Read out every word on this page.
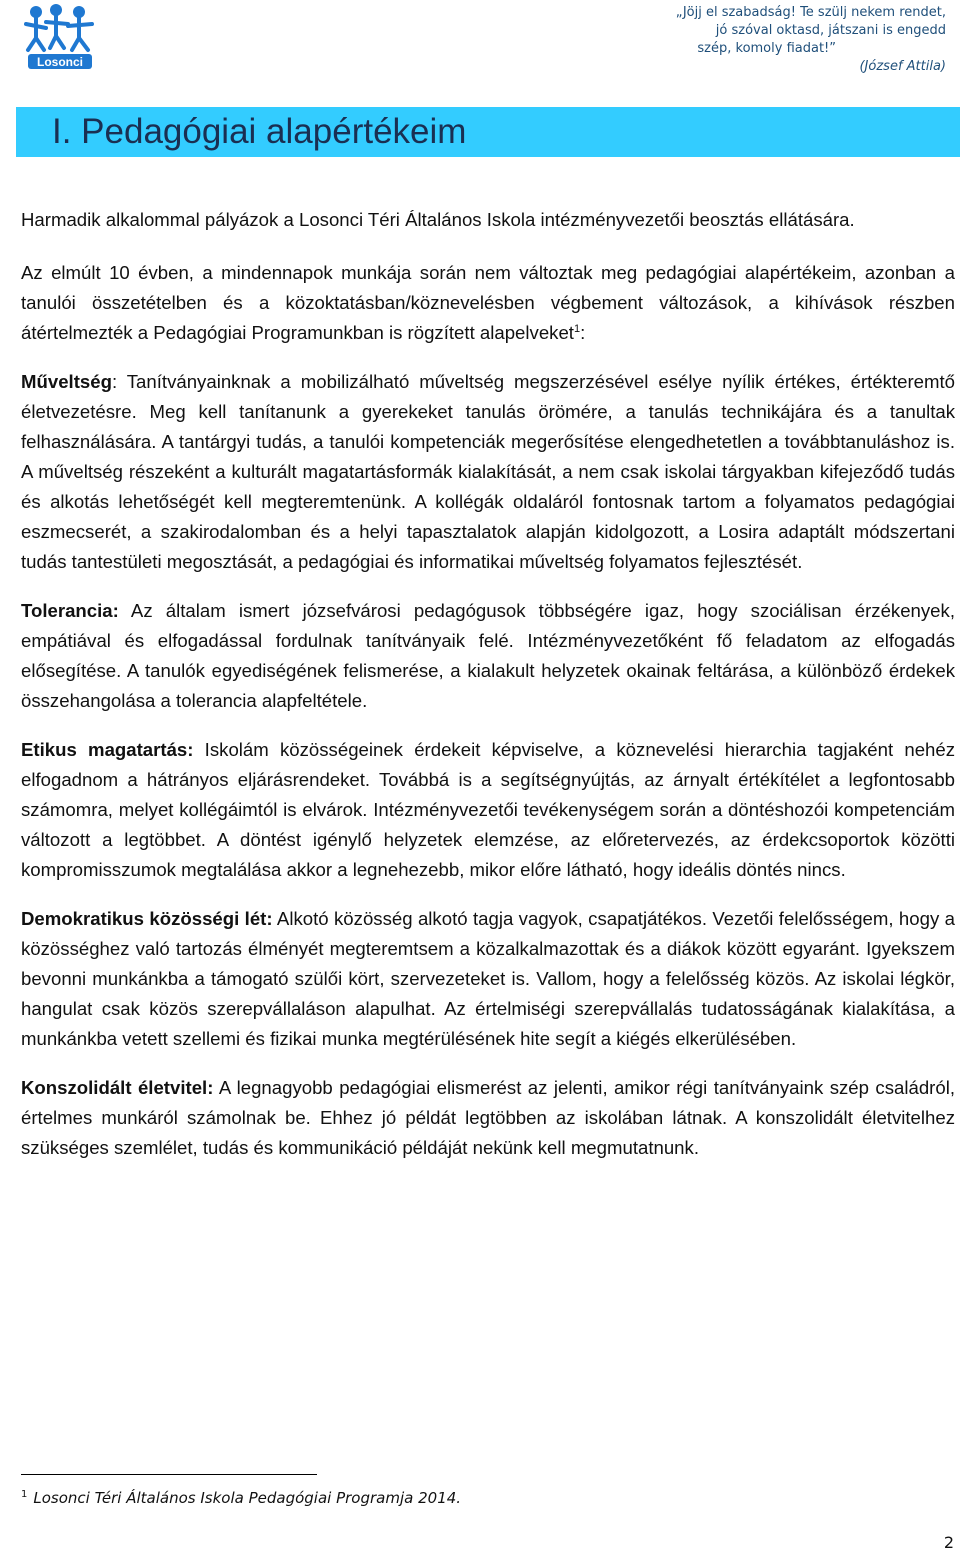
Losonci
„Jöjj el szabadság! Te szülj nekem rendet,
jó szóval oktasd, játszani is engedd
szép, komoly fiadat!”
(József Attila)
I. Pedagógiai alapértékeim

Harmadik alkalommal pályázok a Losonci Téri Általános Iskola intézményvezetői beosztás ellátására.

Az elmúlt 10 évben, a mindennapok munkája során nem változtak meg pedagógiai alapértékeim, azonban a tanulói összetételben és a közoktatásban/köznevelésben végbement változások, a kihívások részben átértelmezték a Pedagógiai Programunkban is rögzített alapelveket$^1$:

Műveltség: Tanítványainknak a mobilizálható műveltség megszerzésével esélye nyílik értékes, értékteremtő életvezetésre. Meg kell tanítanunk a gyerekeket tanulás örömére, a tanulás technikájára és a tanultak felhasználására. A tantárgyi tudás, a tanulói kompetenciák megerősítése elengedhetetlen a továbbtanuláshoz is. A műveltség részeként a kulturált magatartásformák kialakítását, a nem csak iskolai tárgyakban kifejeződő tudás és alkotás lehetőségét kell megteremtenünk. A kollégák oldaláról fontosnak tartom a folyamatos pedagógiai eszmecserét, a szakirodalomban és a helyi tapasztalatok alapján kidolgozott, a Losira adaptált módszertani tudás tantestületi megosztását, a pedagógiai és informatikai műveltség folyamatos fejlesztését.

Tolerancia: Az általam ismert józsefvárosi pedagógusok többségére igaz, hogy szociálisan érzékenyek, empátiával és elfogadással fordulnak tanítványaik felé. Intézményvezetőként fő feladatom az elfogadás elősegítése. A tanulók egyediségének felismerése, a kialakult helyzetek okainak feltárása, a különböző érdekek összehangolása a tolerancia alapfeltétele.

Etikus magatartás: Iskolám közösségeinek érdekeit képviselve, a köznevelési hierarchia tagjaként nehéz elfogadnom a hátrányos eljárásrendeket. Továbbá is a segítségnyújtás, az árnyalt értékítélet a legfontosabb számomra, melyet kollégáimtól is elvárok. Intézményvezetői tevékenységem során a döntéshozói kompetenciám változott a legtöbbet. A döntést igénylő helyzetek elemzése, az előretervezés, az érdekcsoportok közötti kompromisszumok megtalálása akkor a legnehezebb, mikor előre látható, hogy ideális döntés nincs.

Demokratikus közösségi lét: Alkotó közösség alkotó tagja vagyok, csapatjátékos. Vezetői felelősségem, hogy a közösséghez való tartozás élményét megteremtsem a közalkalmazottak és a diákok között egyaránt. Igyekszem bevonni munkánkba a támogató szülői kört, szervezeteket is. Vallom, hogy a felelősség közös. Az iskolai légkör, hangulat csak közös szerepvállaláson alapulhat. Az értelmiségi szerepvállalás tudatosságának kialakítása, a munkánkba vetett szellemi és fizikai munka megtérülésének hite segít a kiégés elkerülésében.

Konszolidált életvitel: A legnagyobb pedagógiai elismerést az jelenti, amikor régi tanítványaink szép családról, értelmes munkáról számolnak be. Ehhez jó példát legtöbben az iskolában látnak. A konszolidált életvitelhez szükséges szemlélet, tudás és kommunikáció példáját nekünk kell megmutatnunk.

$^1$ Losonci Téri Általános Iskola Pedagógiai Programja 2014.
2
